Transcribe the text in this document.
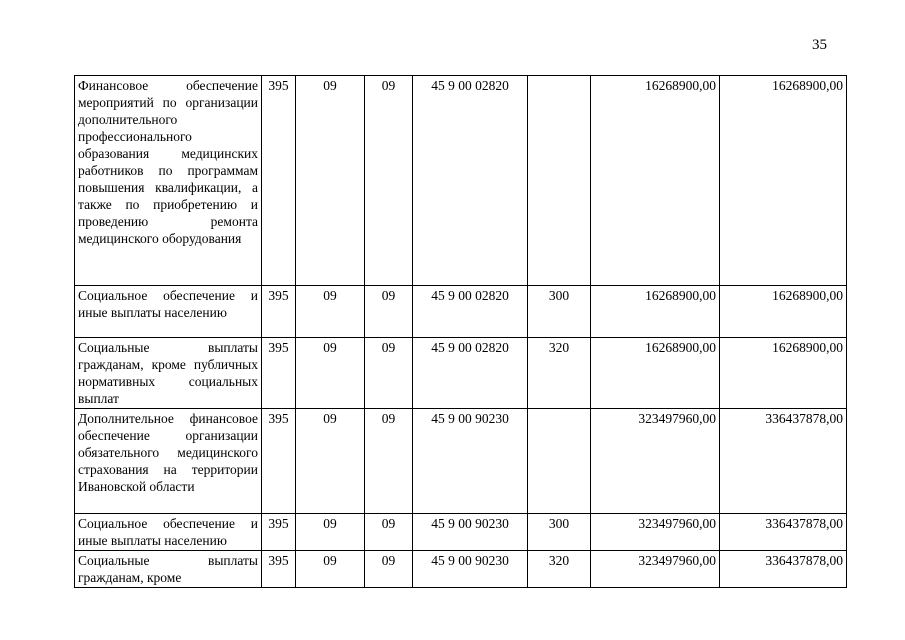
35
Финансовое обеспечение мероприятий по организации дополнительного профессионального образования медицинских работников по программам повышения квалификации, а также по приобретению и проведению ремонта медицинского оборудования	395	09	09	45 9 00 02820		16268900,00	16268900,00
Социальное обеспечение и иные выплаты населению	395	09	09	45 9 00 02820	300	16268900,00	16268900,00
Социальные выплаты гражданам, кроме публичных нормативных социальных выплат	395	09	09	45 9 00 02820	320	16268900,00	16268900,00
Дополнительное финансовое обеспечение организации обязательного медицинского страхования на территории Ивановской области	395	09	09	45 9 00 90230		323497960,00	336437878,00
Социальное обеспечение и иные выплаты населению	395	09	09	45 9 00 90230	300	323497960,00	336437878,00
Социальные выплаты гражданам, кроме	395	09	09	45 9 00 90230	320	323497960,00	336437878,00
